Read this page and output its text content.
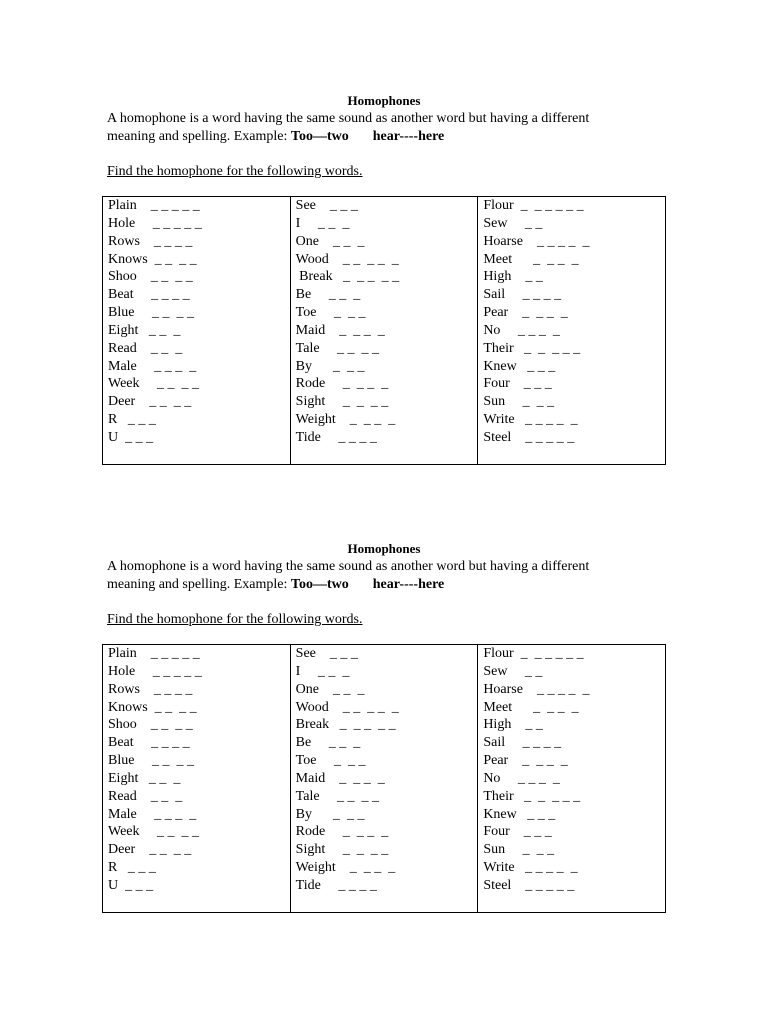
Homophones
A homophone is a word having the same sound as another word but having a different
meaning and spelling. Example: Too—two hear----here
Find the homophone for the following words.
Plain    _ _ _ _ _
Hole     _ _ _ _ _
Rows    _ _ _ _
Knows  _ _  _ _
Shoo    _ _  _ _
Beat     _ _ _ _
Blue     _ _  _ _
Eight   _ _  _
Read    _ _  _
Male     _ _ _  _
Week     _ _  _ _
Deer    _ _  _ _
R   _ _ _
U  _ _ _

See    _ _ _
I     _ _  _
One    _ _  _
Wood    _ _  _ _  _
Break   _  _ _  _ _
Be     _ _  _
Toe     _  _ _
Maid    _  _ _  _
Tale     _ _  _ _
By      _  _ _
Rode     _  _ _  _
Sight     _  _  _ _
Weight    _  _ _  _
Tide     _ _ _ _

Flour  _  _ _ _ _ _
Sew     _ _
Hoarse    _ _ _ _  _
Meet      _  _ _  _
High    _ _
Sail     _ _ _ _
Pear    _  _ _  _
No     _ _ _  _
Their   _  _  _ _ _
Knew   _ _ _
Four    _ _ _
Sun     _  _ _
Write   _ _ _ _  _
Steel    _ _ _ _ _
Homophones
A homophone is a word having the same sound as another word but having a different
meaning and spelling. Example: Too—two hear----here
Find the homophone for the following words.
Plain    _ _ _ _ _
Hole     _ _ _ _ _
Rows    _ _ _ _
Knows  _ _  _ _
Shoo    _ _  _ _
Beat     _ _ _ _
Blue     _ _  _ _
Eight   _ _  _
Read    _ _  _
Male     _ _ _  _
Week     _ _  _ _
Deer    _ _  _ _
R   _ _ _
U  _ _ _

See    _ _ _
I     _ _  _
One    _ _  _
Wood    _ _  _ _  _
Break   _  _ _  _ _
Be     _ _  _
Toe     _  _ _
Maid    _  _ _  _
Tale     _ _  _ _
By      _  _ _
Rode     _  _ _  _
Sight     _  _  _ _
Weight    _  _ _  _
Tide     _ _ _ _

Flour  _  _ _ _ _ _
Sew     _ _
Hoarse    _ _ _ _  _
Meet      _  _ _  _
High    _ _
Sail     _ _ _ _
Pear    _  _ _  _
No     _ _ _  _
Their   _  _  _ _ _
Knew   _ _ _
Four    _ _ _
Sun     _  _ _
Write   _ _ _ _  _
Steel    _ _ _ _ _
